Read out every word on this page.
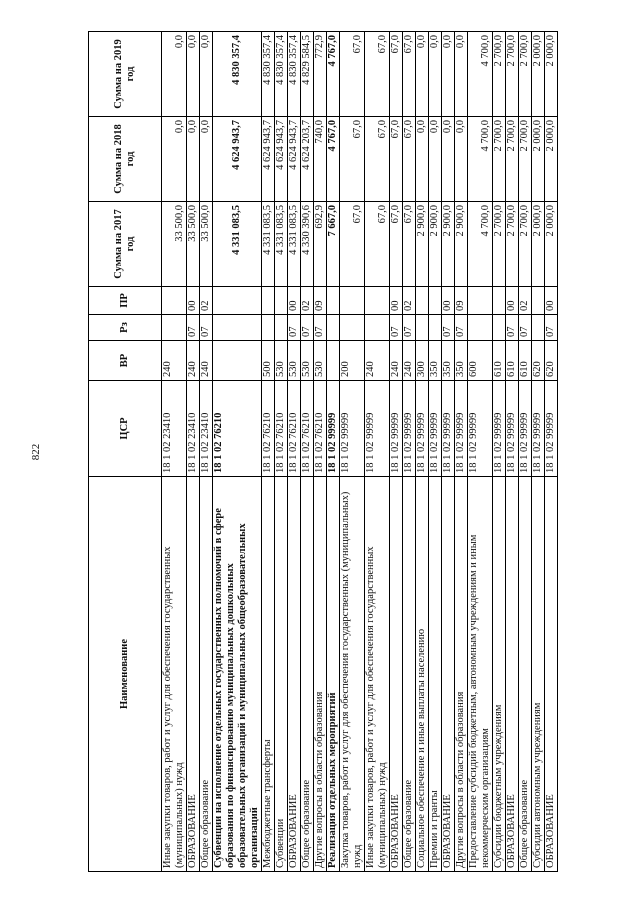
822
Наименование	ЦСР	ВР	Рз	ПР	Сумма на 2017 год	Сумма на 2018 год	Сумма на 2019 год
Иные закупки товаров, работ и услуг для обеспечения государственных (муниципальных) нужд	18 1 02 23410	240			33 500,0	0,0	0,0
ОБРАЗОВАНИЕ	18 1 02 23410	240	07	00	33 500,0	0,0	0,0
Общее образование	18 1 02 23410	240	07	02	33 500,0	0,0	0,0
Субвенции на исполнение отдельных государственных полномочий в сфере образования по финансированию муниципальных дошкольных образовательных организаций и муниципальных общеобразовательных организаций	18 1 02 76210				4 331 083,5	4 624 943,7	4 830 357,4
Межбюджетные трансферты	18 1 02 76210	500			4 331 083,5	4 624 943,7	4 830 357,4
Субвенции	18 1 02 76210	530			4 331 083,5	4 624 943,7	4 830 357,4
ОБРАЗОВАНИЕ	18 1 02 76210	530	07	00	4 331 083,5	4 624 943,7	4 830 357,4
Общее образование	18 1 02 76210	530	07	02	4 330 390,6	4 624 203,7	4 829 584,5
Другие вопросы в области образования	18 1 02 76210	530	07	09	692,9	740,0	772,9
Реализация отдельных мероприятий	18 1 02 99999				7 667,0	4 767,0	4 767,0
Закупка товаров, работ и услуг для обеспечения государственных (муниципальных) нужд	18 1 02 99999	200			67,0	67,0	67,0
Иные закупки товаров, работ и услуг для обеспечения государственных (муниципальных) нужд	18 1 02 99999	240			67,0	67,0	67,0
ОБРАЗОВАНИЕ	18 1 02 99999	240	07	00	67,0	67,0	67,0
Общее образование	18 1 02 99999	240	07	02	67,0	67,0	67,0
Социальное обеспечение и иные выплаты населению	18 1 02 99999	300			2 900,0	0,0	0,0
Премии и гранты	18 1 02 99999	350			2 900,0	0,0	0,0
ОБРАЗОВАНИЕ	18 1 02 99999	350	07	00	2 900,0	0,0	0,0
Другие вопросы в области образования	18 1 02 99999	350	07	09	2 900,0	0,0	0,0
Предоставление субсидий бюджетным, автономным учреждениям и иным некоммерческим организациям	18 1 02 99999	600			4 700,0	4 700,0	4 700,0
Субсидии бюджетным учреждениям	18 1 02 99999	610			2 700,0	2 700,0	2 700,0
ОБРАЗОВАНИЕ	18 1 02 99999	610	07	00	2 700,0	2 700,0	2 700,0
Общее образование	18 1 02 99999	610	07	02	2 700,0	2 700,0	2 700,0
Субсидии автономным учреждениям	18 1 02 99999	620			2 000,0	2 000,0	2 000,0
ОБРАЗОВАНИЕ	18 1 02 99999	620	07	00	2 000,0	2 000,0	2 000,0
